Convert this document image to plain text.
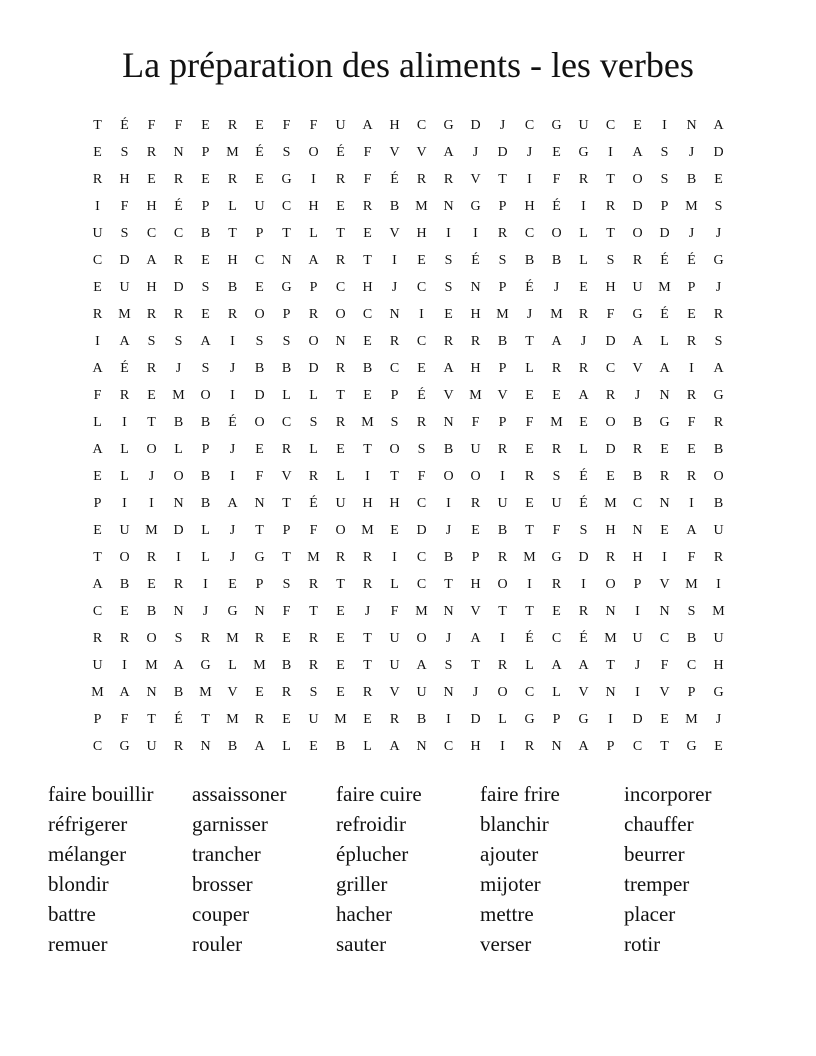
La préparation des aliments - les verbes
T	É	F	F	E	R	E	F	F	U	A	H	C	G	D	J	C	G	U	C	E	I	N	A
E	S	R	N	P	M	É	S	O	É	F	V	V	A	J	D	J	E	G	I	A	S	J	D
R	H	E	R	E	R	E	G	I	R	F	É	R	R	V	T	I	F	R	T	O	S	B	E
I	F	H	É	P	L	U	C	H	E	R	B	M	N	G	P	H	É	I	R	D	P	M	S
U	S	C	C	B	T	P	T	L	T	E	V	H	I	I	R	C	O	L	T	O	D	J	J
C	D	A	R	E	H	C	N	A	R	T	I	E	S	É	S	B	B	L	S	R	É	É	G
E	U	H	D	S	B	E	G	P	C	H	J	C	S	N	P	É	J	E	H	U	M	P	J
R	M	R	R	E	R	O	P	R	O	C	N	I	E	H	M	J	M	R	F	G	É	E	R
I	A	S	S	A	I	S	S	O	N	E	R	C	R	R	B	T	A	J	D	A	L	R	S
A	É	R	J	S	J	B	B	D	R	B	C	E	A	H	P	L	R	R	C	V	A	I	A
F	R	E	M	O	I	D	L	L	T	E	P	É	V	M	V	E	E	A	R	J	N	R	G
L	I	T	B	B	É	O	C	S	R	M	S	R	N	F	P	F	M	E	O	B	G	F	R
A	L	O	L	P	J	E	R	L	E	T	O	S	B	U	R	E	R	L	D	R	E	E	B
E	L	J	O	B	I	F	V	R	L	I	T	F	O	O	I	R	S	É	E	B	R	R	O
P	I	I	N	B	A	N	T	É	U	H	H	C	I	R	U	E	U	É	M	C	N	I	B
E	U	M	D	L	J	T	P	F	O	M	E	D	J	E	B	T	F	S	H	N	E	A	U
T	O	R	I	L	J	G	T	M	R	R	I	C	B	P	R	M	G	D	R	H	I	F	R
A	B	E	R	I	E	P	S	R	T	R	L	C	T	H	O	I	R	I	O	P	V	M	I
C	E	B	N	J	G	N	F	T	E	J	F	M	N	V	T	T	E	R	N	I	N	S	M
R	R	O	S	R	M	R	E	R	E	T	U	O	J	A	I	É	C	É	M	U	C	B	U
U	I	M	A	G	L	M	B	R	E	T	U	A	S	T	R	L	A	A	T	J	F	C	H
M	A	N	B	M	V	E	R	S	E	R	V	U	N	J	O	C	L	V	N	I	V	P	G
P	F	T	É	T	M	R	E	U	M	E	R	B	I	D	L	G	P	G	I	D	E	M	J
C	G	U	R	N	B	A	L	E	B	L	A	N	C	H	I	R	N	A	P	C	T	G	E
faire bouillir	assaissoner	faire cuire	faire frire	incorporer
réfrigerer	garnisser	refroidir	blanchir	chauffer
mélanger	trancher	éplucher	ajouter	beurrer
blondir	brosser	griller	mijoter	tremper
battre	couper	hacher	mettre	placer
remuer	rouler	sauter	verser	rotir
